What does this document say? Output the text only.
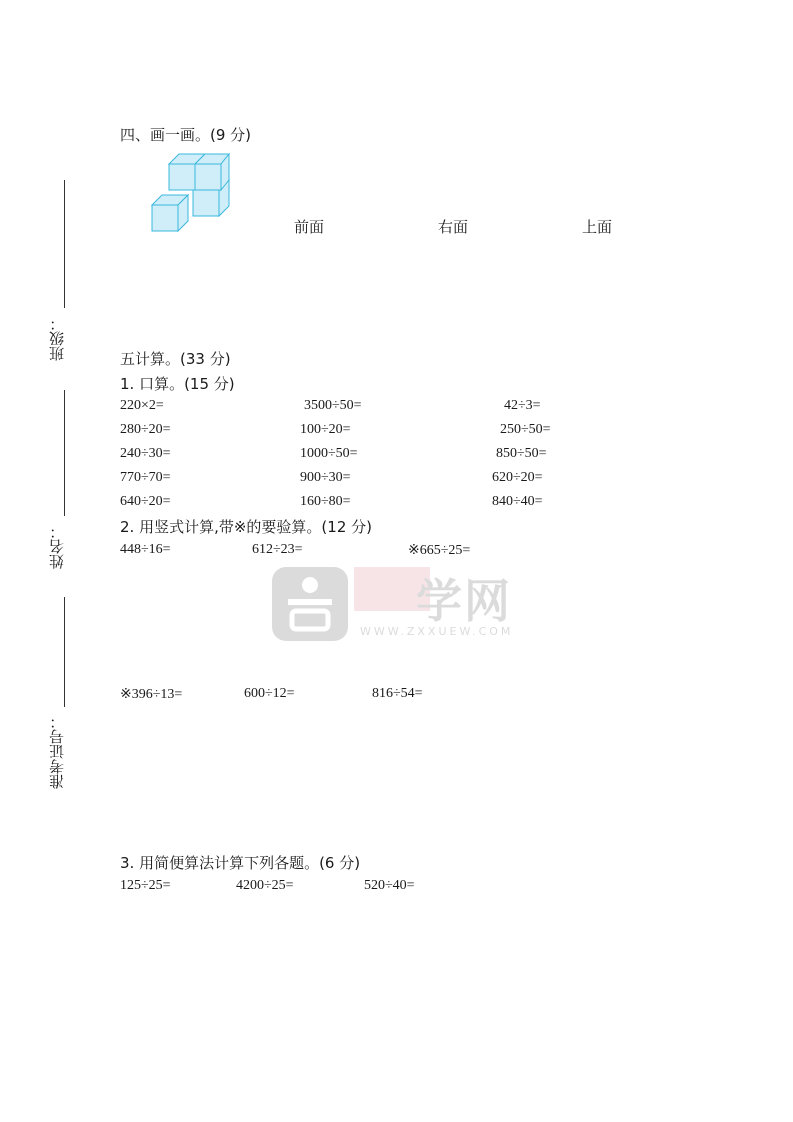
班级：
姓名：
准考证号：
四、画一画。(9 分)
前面	右面	上面
五计算。(33 分)
1. 口算。(15 分)
220×2=	3500÷50=	42÷3=
280÷20=	100÷20=	250÷50=
240÷30=	1000÷50=	850÷50=
770÷70=	900÷30=	620÷20=
640÷20=	160÷80=	840÷40=
2. 用竖式计算,带※的要验算。(12 分)
448÷16=	612÷23=	※665÷25=
学网
WWW.ZXXUEW.COM
※396÷13=	600÷12=	816÷54=
3. 用简便算法计算下列各题。(6 分)
125÷25=	4200÷25=	520÷40=
